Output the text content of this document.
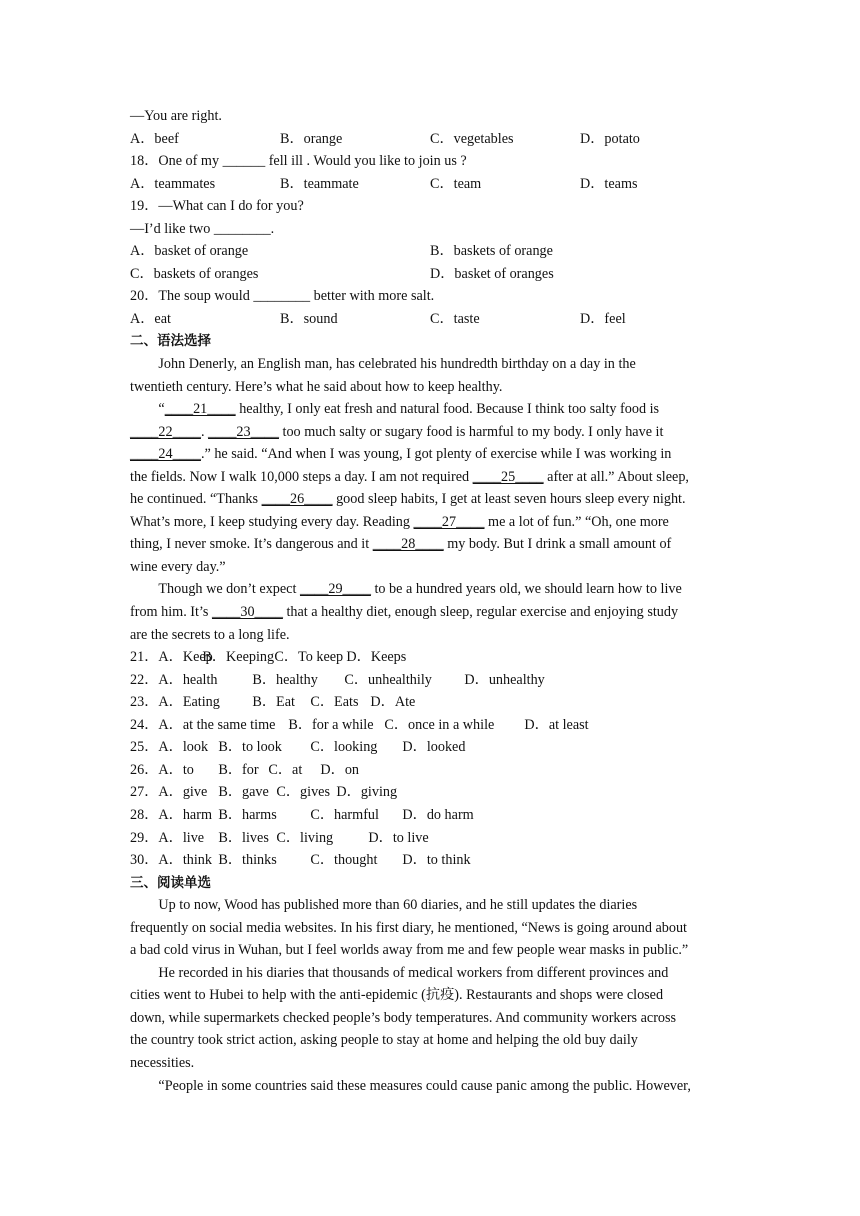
—You are right.
A．beef	B．orange	C．vegetables	D．potato
18．One of my ______ fell ill . Would you like to join us ?
A．teammates	B．teammate	C．team	D．teams
19．—What can I do for you?
—I’d like two ________.
A．basket of orange	B．baskets of orange
C．baskets of oranges	D．basket of oranges
20．The soup would ________ better with more salt.
A．eat	B．sound	C．taste	D．feel
二、语法选择
John Denerly, an English man, has celebrated his hundredth birthday on a day in the
twentieth century. Here’s what he said about how to keep healthy.
“____21____ healthy, I only eat fresh and natural food. Because I think too salty food is
____22____. ____23____ too much salty or sugary food is harmful to my body. I only have it
____24____.” he said. “And when I was young, I got plenty of exercise while I was working in
the fields. Now I walk 10,000 steps a day. I am not required ____25____ after at all.” About sleep,
he continued. “Thanks ____26____ good sleep habits, I get at least seven hours sleep every night.
What’s more, I keep studying every day. Reading ____27____ me a lot of fun.” “Oh, one more
thing, I never smoke. It’s dangerous and it ____28____ my body. But I drink a small amount of
wine every day.”
Though we don’t expect ____29____ to be a hundred years old, we should learn how to live
from him. It’s ____30____ that a healthy diet, enough sleep, regular exercise and enjoying study
are the secrets to a long life.
21．A．KeepB．KeepingC．To keep D．Keeps
22．A．health B．healthy C．unhealthily D．unhealthy
23．A．Eating B．Eat C．Eats D．Ate
24．A．at the same time B．for a while C．once in a while D．at least
25．A．look B．to look C．looking D．looked
26．A．to B．for C．at D．on
27．A．give B．gave C．gives D．giving
28．A．harm B．harms C．harmful D．do harm
29．A．live B．lives C．living D．to live
30．A．think B．thinks C．thought D．to think
三、阅读单选
Up to now, Wood has published more than 60 diaries, and he still updates the diaries
frequently on social media websites. In his first diary, he mentioned, “News is going around about
a bad cold virus in Wuhan, but I feel worlds away from me and few people wear masks in public.”
He recorded in his diaries that thousands of medical workers from different provinces and
cities went to Hubei to help with the anti-epidemic (抗疫). Restaurants and shops were closed
down, while supermarkets checked people’s body temperatures. And community workers across
the country took strict action, asking people to stay at home and helping the old buy daily
necessities.
“People in some countries said these measures could cause panic among the public. However,
